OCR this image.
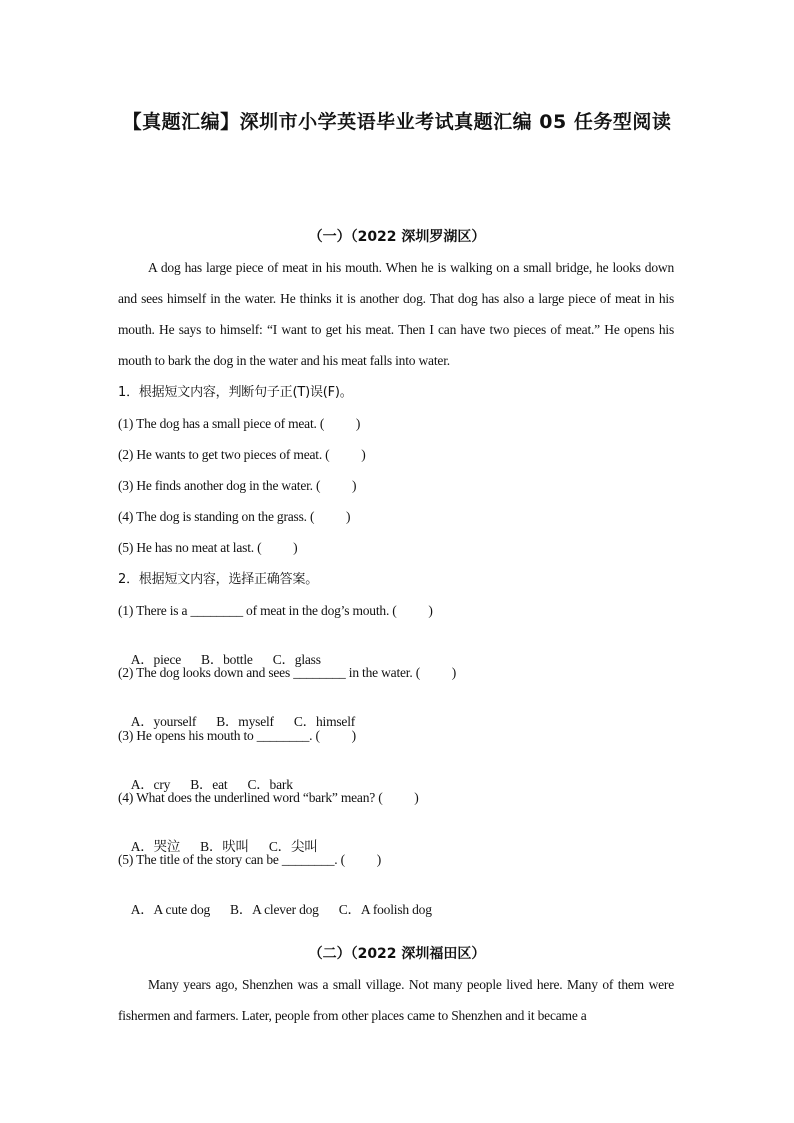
【真题汇编】深圳市小学英语毕业考试真题汇编 05 任务型阅读
（一）（2022 深圳罗湖区）
A dog has large piece of meat in his mouth. When he is walking on a small bridge, he looks down and sees himself in the water. He thinks it is another dog. That dog has also a large piece of meat in his mouth. He says to himself: “I want to get his meat. Then I can have two pieces of meat.” He opens his mouth to bark the dog in the water and his meat falls into water.
1．根据短文内容，判断句子正(T)误(F)。
(1) The dog has a small piece of meat. (          )
(2) He wants to get two pieces of meat. (          )
(3) He finds another dog in the water. (          )
(4) The dog is standing on the grass. (          )
(5) He has no meat at last. (          )
2．根据短文内容，选择正确答案。
(1) There is a ________ of meat in the dog’s mouth. (          )

A．piece B．bottle C．glass

(2) The dog looks down and sees ________ in the water. (          )

A．yourself B．myself C．himself

(3) He opens his mouth to ________. (          )

A．cry B．eat C．bark

(4) What does the underlined word “bark” mean? (          )

A．哭泣 B．吠叫 C．尖叫

(5) The title of the story can be ________. (          )

A．A cute dog B．A clever dog C．A foolish dog

（二）（2022 深圳福田区）
Many years ago, Shenzhen was a small village. Not many people lived here. Many of them were fishermen and farmers. Later, people from other places came to Shenzhen and it became a
